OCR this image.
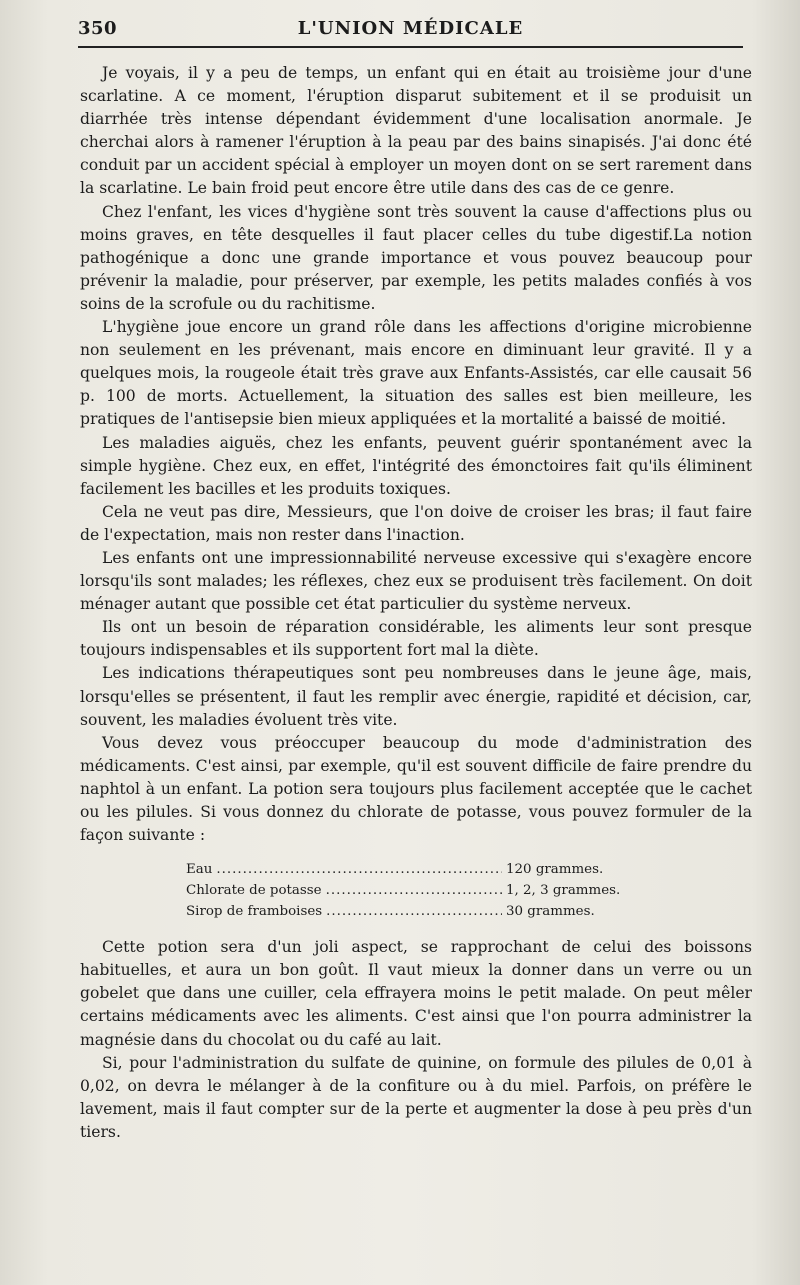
350	L'UNION MÉDICALE

Je voyais, il y a peu de temps, un enfant qui en était au troisième jour d'une scarlatine. A ce moment, l'éruption disparut subitement et il se produisit un diarrhée très intense dépendant évidemment d'une localisation anormale. Je cherchai alors à ramener l'éruption à la peau par des bains sinapisés. J'ai donc été conduit par un accident spécial à employer un moyen dont on se sert rarement dans la scarlatine. Le bain froid peut encore être utile dans des cas de ce genre.

Chez l'enfant, les vices d'hygiène sont très souvent la cause d'affections plus ou moins graves, en tête desquelles il faut placer celles du tube digestif.La notion pathogénique a donc une grande importance et vous pouvez beaucoup pour prévenir la maladie, pour préserver, par exemple, les petits malades confiés à vos soins de la scrofule ou du rachitisme.

L'hygiène joue encore un grand rôle dans les affections d'origine microbienne non seulement en les prévenant, mais encore en diminuant leur gravité. Il y a quelques mois, la rougeole était très grave aux Enfants-Assistés, car elle causait 56 p. 100 de morts. Actuellement, la situation des salles est bien meilleure, les pratiques de l'antisepsie bien mieux appliquées et la mortalité a baissé de moitié.

Les maladies aiguës, chez les enfants, peuvent guérir spontanément avec la simple hygiène. Chez eux, en effet, l'intégrité des émonctoires fait qu'ils éliminent facilement les bacilles et les produits toxiques.

Cela ne veut pas dire, Messieurs, que l'on doive de croiser les bras; il faut faire de l'expectation, mais non rester dans l'inaction.

Les enfants ont une impressionnabilité nerveuse excessive qui s'exagère encore lorsqu'ils sont malades; les réflexes, chez eux se produisent très facilement. On doit ménager autant que possible cet état particulier du système nerveux.

Ils ont un besoin de réparation considérable, les aliments leur sont presque toujours indispensables et ils supportent fort mal la diète.

Les indications thérapeutiques sont peu nombreuses dans le jeune âge, mais, lorsqu'elles se présentent, il faut les remplir avec énergie, rapidité et décision, car, souvent, les maladies évoluent très vite.

Vous devez vous préoccuper beaucoup du mode d'administration des médicaments. C'est ainsi, par exemple, qu'il est souvent difficile de faire prendre du naphtol à un enfant. La potion sera toujours plus facilement acceptée que le cachet ou les pilules. Si vous donnez du chlorate de potasse, vous pouvez formuler de la façon suivante :

Eau .....	120 grammes.
Chlorate de potasse .....	1, 2, 3 grammes.
Sirop de framboises .....	30 grammes.

Cette potion sera d'un joli aspect, se rapprochant de celui des boissons habituelles, et aura un bon goût. Il vaut mieux la donner dans un verre ou un gobelet que dans une cuiller, cela effrayera moins le petit malade. On peut mêler certains médicaments avec les aliments. C'est ainsi que l'on pourra administrer la magnésie dans du chocolat ou du café au lait.

Si, pour l'administration du sulfate de quinine, on formule des pilules de 0,01 à 0,02, on devra le mélanger à de la confiture ou à du miel. Parfois, on préfère le lavement, mais il faut compter sur de la perte et augmenter la dose à peu près d'un tiers.
